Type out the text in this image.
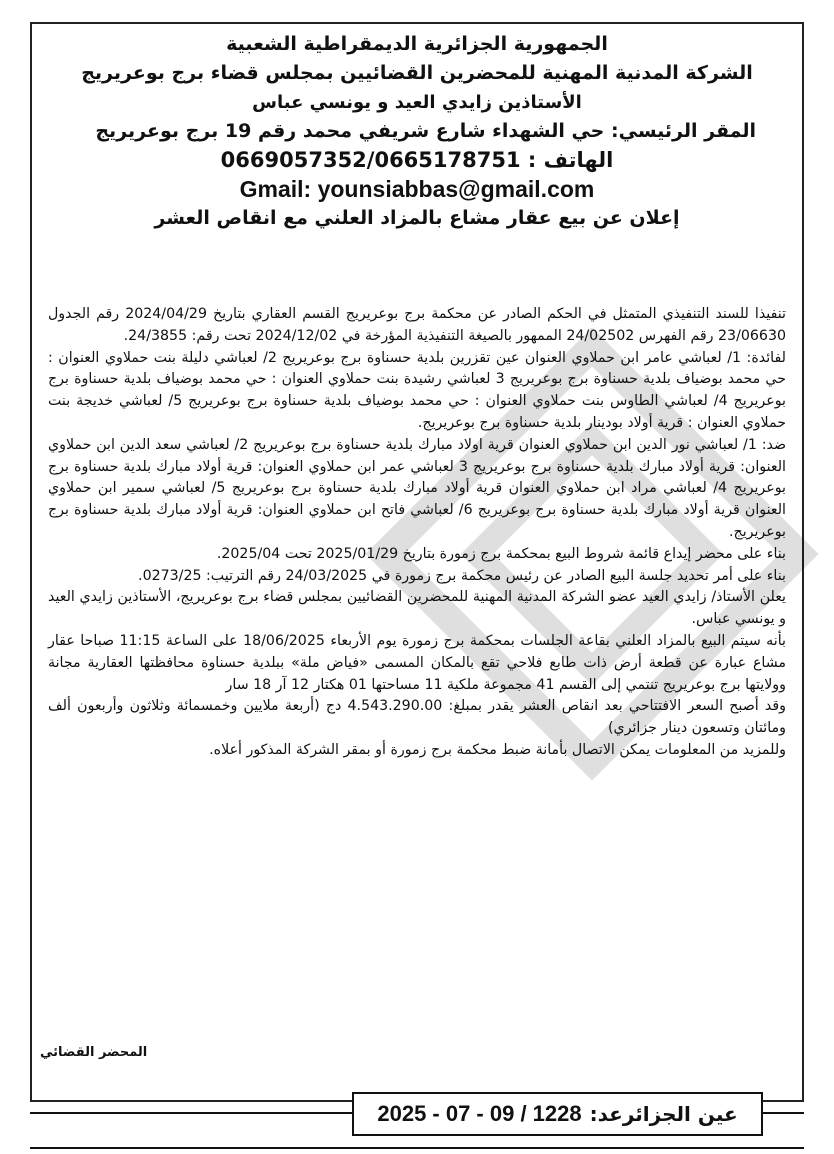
الجمهورية الجزائرية الديمقراطية الشعبية
الشركة المدنية المهنية للمحضرين القضائيين بمجلس قضاء برج بوعريريج
الأستاذين زايدي العيد و يونسي عباس
المقر الرئيسي: حي الشهداء شارع شريفي محمد رقم 19 برج بوعريريج
الهاتف : 0669057352/0665178751
Gmail: younsiabbas@gmail.com
إعلان عن بيع عقار مشاع بالمزاد العلني مع انقاص العشر

تنفيذا للسند التنفيذي المتمثل في الحكم الصادر عن محكمة برج بوعريريج القسم العقاري بتاريخ 2024/04/29 رقم الجدول 23/06630 رقم الفهرس 24/02502 الممهور بالصيغة التنفيذية المؤرخة في 2024/12/02 تحت رقم: 24/3855.

لفائدة: 1/ لعباشي عامر ابن حملاوي العنوان عين تقزرين بلدية حسناوة برج بوعريريج 2/ لعباشي دليلة بنت حملاوي العنوان : حي محمد بوضياف بلدية حسناوة برج بوعريريج 3 لعباشي رشيدة بنت حملاوي العنوان : حي محمد بوضياف بلدية حسناوة برج بوعريريج 4/ لعباشي الطاوس بنت حملاوي العنوان : حي محمد بوضياف بلدية حسناوة برج بوعريريج 5/ لعباشي خديجة بنت حملاوي العنوان : قرية أولاد بودينار بلدية حسناوة برج بوعريريج.

ضد: 1/ لعباشي نور الدين ابن حملاوي العنوان قرية اولاد مبارك بلدية حسناوة برج بوعريريج 2/ لعباشي سعد الدين ابن حملاوي العنوان: قرية أولاد مبارك بلدية حسناوة برج بوعريريج 3 لعباشي عمر ابن حملاوي العنوان: قرية أولاد مبارك بلدية حسناوة برج بوعريريج 4/ لعباشي مراد ابن حملاوي العنوان قرية أولاد مبارك بلدية حسناوة برج بوعريريج 5/ لعباشي سمير ابن حملاوي العنوان قرية أولاد مبارك بلدية حسناوة برج بوعريريج 6/ لعباشي فاتح ابن حملاوي العنوان: قرية أولاد مبارك بلدية حسناوة برج بوعريريج.

بناء على محضر إيداع قائمة شروط البيع بمحكمة برج زمورة بتاريخ 2025/01/29 تحت 2025/04.

بناء على أمر تحديد جلسة البيع الصادر عن رئيس محكمة برج زمورة في 24/03/2025 رقم الترتيب: 0273/25.

يعلن الأستاذ/ زايدي العيد عضو الشركة المدنية المهنية للمحضرين القضائيين بمجلس قضاء برج بوعريريج، الأستاذين زايدي العيد و يونسي عباس.

بأنه سيتم البيع بالمزاد العلني بقاعة الجلسات بمحكمة برج زمورة يوم الأربعاء 18/06/2025 على الساعة 11:15 صباحا عقار مشاع عبارة عن قطعة أرض ذات طابع فلاحي تقع بالمكان المسمى «فياض ملة» ببلدية حسناوة محافظتها العقارية مجانة وولايتها برج بوعريريج تنتمي إلى القسم 41 مجموعة ملكية 11 مساحتها 01 هكتار 12 آر 18 سار

وقد أصبح السعر الافتتاحي بعد انقاص العشر يقدر بمبلغ: 4.543.290.00 دج (أربعة ملايين وخمسمائة وثلاثون وأربعون ألف ومائتان وتسعون دينار جزائري)

وللمزيد من المعلومات يمكن الاتصال بأمانة ضبط محكمة برج زمورة أو بمقر الشركة المذكور أعلاه.

المحضر القضائي
عين الجزائرعد:
2025 - 07 - 09 / 1228
